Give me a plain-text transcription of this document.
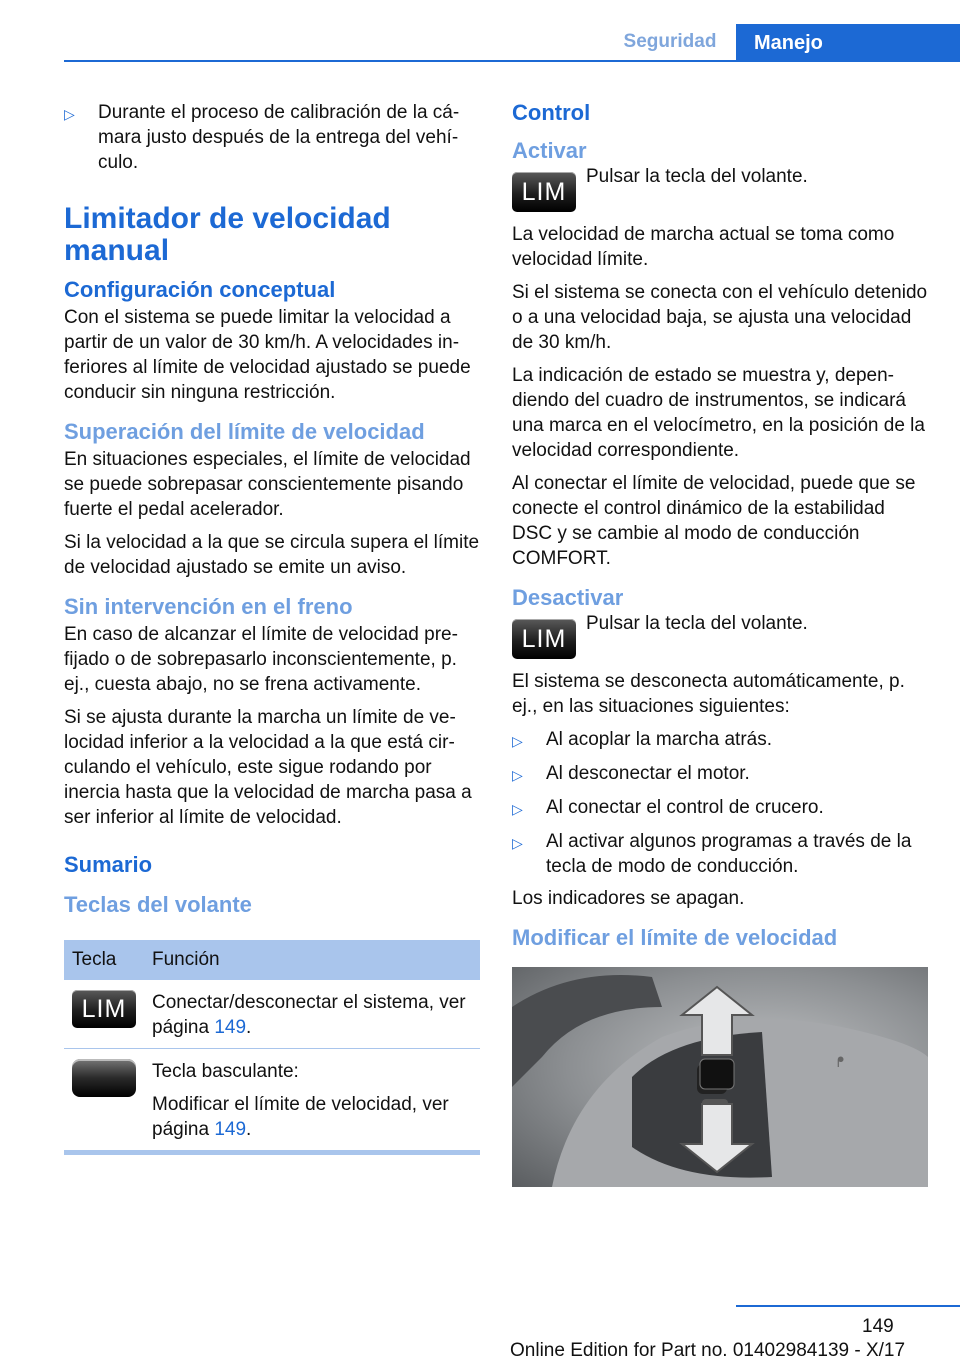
Seguridad	Manejo
▷	Durante el proceso de calibración de la cámara justo después de la entrega del vehículo.
Limitador de velocidad manual
Configuración conceptual

Con el sistema se puede limitar la velocidad a partir de un valor de 30 km/h. A velocidades inferiores al límite de velocidad ajustado se puede conducir sin ninguna restricción.

Superación del límite de velocidad

En situaciones especiales, el límite de velocidad se puede sobrepasar conscientemente pisando fuerte el pedal acelerador.

Si la velocidad a la que se circula supera el límite de velocidad ajustado se emite un aviso.

Sin intervención en el freno

En caso de alcanzar el límite de velocidad prefijado o de sobrepasarlo inconscientemente, p. ej., cuesta abajo, no se frena activamente.

Si se ajusta durante la marcha un límite de velocidad inferior a la velocidad a la que está circulando el vehículo, este sigue rodando por inercia hasta que la velocidad de marcha pasa a ser inferior al límite de velocidad.

Sumario
Teclas del volante
Tecla	Función

LIM	Conectar/desconectar el sistema, ver página 149.

	Tecla basculante:

Modificar el límite de velocidad, ver página 149.

Control
Activar
LIM

Pulsar la tecla del volante.

La velocidad de marcha actual se toma como velocidad límite.

Si el sistema se conecta con el vehículo detenido o a una velocidad baja, se ajusta una velocidad de 30 km/h.

La indicación de estado se muestra y, dependiendo del cuadro de instrumentos, se indicará una marca en el velocímetro, en la posición de la velocidad correspondiente.

Al conectar el límite de velocidad, puede que se conecte el control dinámico de la estabilidad DSC y se cambie al modo de conducción COMFORT.

Desactivar
LIM

Pulsar la tecla del volante.

El sistema se desconecta automáticamente, p. ej., en las situaciones siguientes:

▷	Al acoplar la marcha atrás.
▷	Al desconectar el motor.
▷	Al conectar el control de crucero.
▷	Al activar algunos programas a través de la tecla de modo de conducción.

Los indicadores se apagan.

Modificar el límite de velocidad
ᖰ
149
Online Edition for Part no. 01402984139 - X/17
